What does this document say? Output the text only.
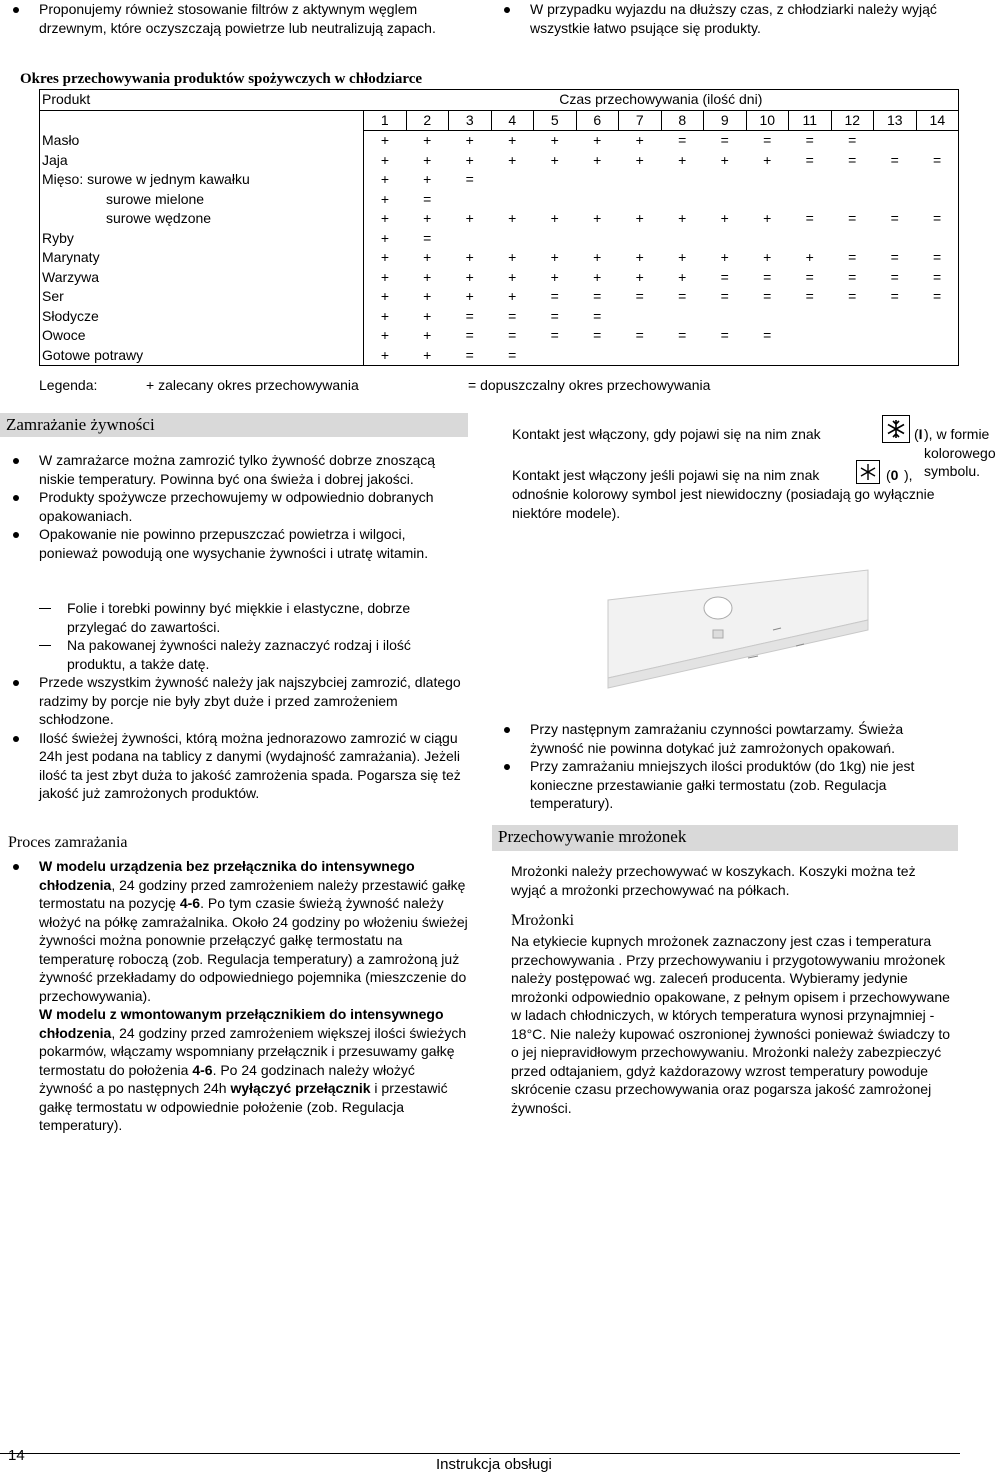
Proponujemy również stosowanie filtrów z aktywnym węglem drzewnym, które oczyszczają powietrze lub neutralizują zapach.
W przypadku wyjazdu na dłuższy czas, z chłodziarki należy wyjąć wszystkie łatwo psujące się produkty.
Okres przechowywania produktów spożywczych w chłodziarce
Produkt	Czas przechowywania (ilość dni)													
	1	2	3	4	5	6	7	8	9	10	11	12	13	14
Masło	+	+	+	+	+	+	+	=	=	=	=	=		
Jaja	+	+	+	+	+	+	+	+	+	+	=	=	=	=
Mięso: surowe w jednym kawałku	+	+	=											
surowe mielone	+	=												
surowe wędzone	+	+	+	+	+	+	+	+	+	+	=	=	=	=
Ryby	+	=												
Marynaty	+	+	+	+	+	+	+	+	+	+	+	=	=	=
Warzywa	+	+	+	+	+	+	+	+	=	=	=	=	=	=
Ser	+	+	+	+	=	=	=	=	=	=	=	=	=	=
Słodycze	+	+	=	=	=	=								
Owoce	+	+	=	=	=	=	=	=	=	=				
Gotowe potrawy	+	+	=	=										
Legenda:	+ zalecany okres przechowywania	= dopuszczalny okres przechowywania
Zamrażanie żywności
W zamrażarce można zamrozić tylko żywność dobrze znoszącą niskie temperatury. Powinna być ona świeża i dobrej jakości.
Produkty spożywcze przechowujemy w odpowiednio dobranych opakowaniach.
Opakowanie nie powinno przepuszczać powietrza i wilgoci, ponieważ powodują one wysychanie żywności i utratę witamin.
Folie i torebki powinny być miękkie i elastyczne, dobrze przylegać do zawartości.
Na pakowanej żywności należy zaznaczyć rodzaj i ilość produktu, a także datę.
Przede wszystkim żywność należy jak najszybciej zamrozić, dlatego radzimy by porcje nie były zbyt duże i przed zamrożeniem schłodzone.
Ilość świeżej żywności, którą można jednorazowo zamrozić w ciągu 24h jest podana na tablicy z danymi (wydajność zamrażania). Jeżeli ilość ta jest zbyt duża to jakość zamrożenia spada. Pogarsza się też jakość już zamrożonych produktów.
Proces zamrażania
W modelu urządzenia bez przełącznika do intensywnego chłodzenia, 24 godziny przed zamrożeniem należy przestawić gałkę termostatu na pozycję 4-6. Po tym czasie świeżą żywność należy włożyć na półkę zamrażalnika. Około 24 godziny po włożeniu świeżej żywności można ponownie przełączyć gałkę termostatu na temperaturę roboczą (zob. Regulacja temperatury) a zamrożoną już żywność przekładamy do odpowiedniego pojemnika (mieszczenie do przechowywania).
W modelu z wmontowanym przełącznikiem do intensywnego chłodzenia, 24 godziny przed zamrożeniem większej ilości świeżych pokarmów, włączamy wspomniany przełącznik i przesuwamy gałkę termostatu do położenia 4-6. Po 24 godzinach należy włożyć żywność a po następnych 24h wyłączyć przełącznik i przestawić gałkę termostatu w odpowiednie położenie (zob. Regulacja temperatury).
Kontakt jest włączony, gdy pojawi się na nim znak	(I ), w formie kolorowego symbolu.
Kontakt jest włączony jeśli pojawi się na nim znak	(0 ),
odnośnie kolorowy symbol jest niewidoczny (posiadają go wyłącznie niektóre modele).
Przy następnym zamrażaniu czynności powtarzamy. Świeża żywność nie powinna dotykać już zamrożonych opakowań.
Przy zamrażaniu mniejszych ilości produktów (do 1kg) nie jest konieczne przestawianie gałki termostatu (zob. Regulacja temperatury).
Przechowywanie mrożonek
Mrożonki należy przechowywać w koszykach. Koszyki można też wyjąć a mrożonki przechowywać na półkach.
Mrożonki
Na etykiecie kupnych mrożonek zaznaczony jest czas i temperatura przechowywania . Przy przechowywaniu i przygotowywaniu mrożonek należy postępować wg. zaleceń producenta. Wybieramy jedynie mrożonki odpowiednio opakowane, z pełnym opisem i przechowywane w ladach chłodniczych, w których temperatura wynosi przynajmniej - 18°C. Nie należy kupować oszronionej żywności ponieważ świadczy to o jej niepravidłowym przechowywaniu. Mrożonki należy zabezpieczyć przed odtajaniem, gdyż każdorazowy wzrost temperatury powoduje skrócenie czasu przechowywania oraz pogarsza jakość zamrożonej żywności.
14
Instrukcja obsługi
